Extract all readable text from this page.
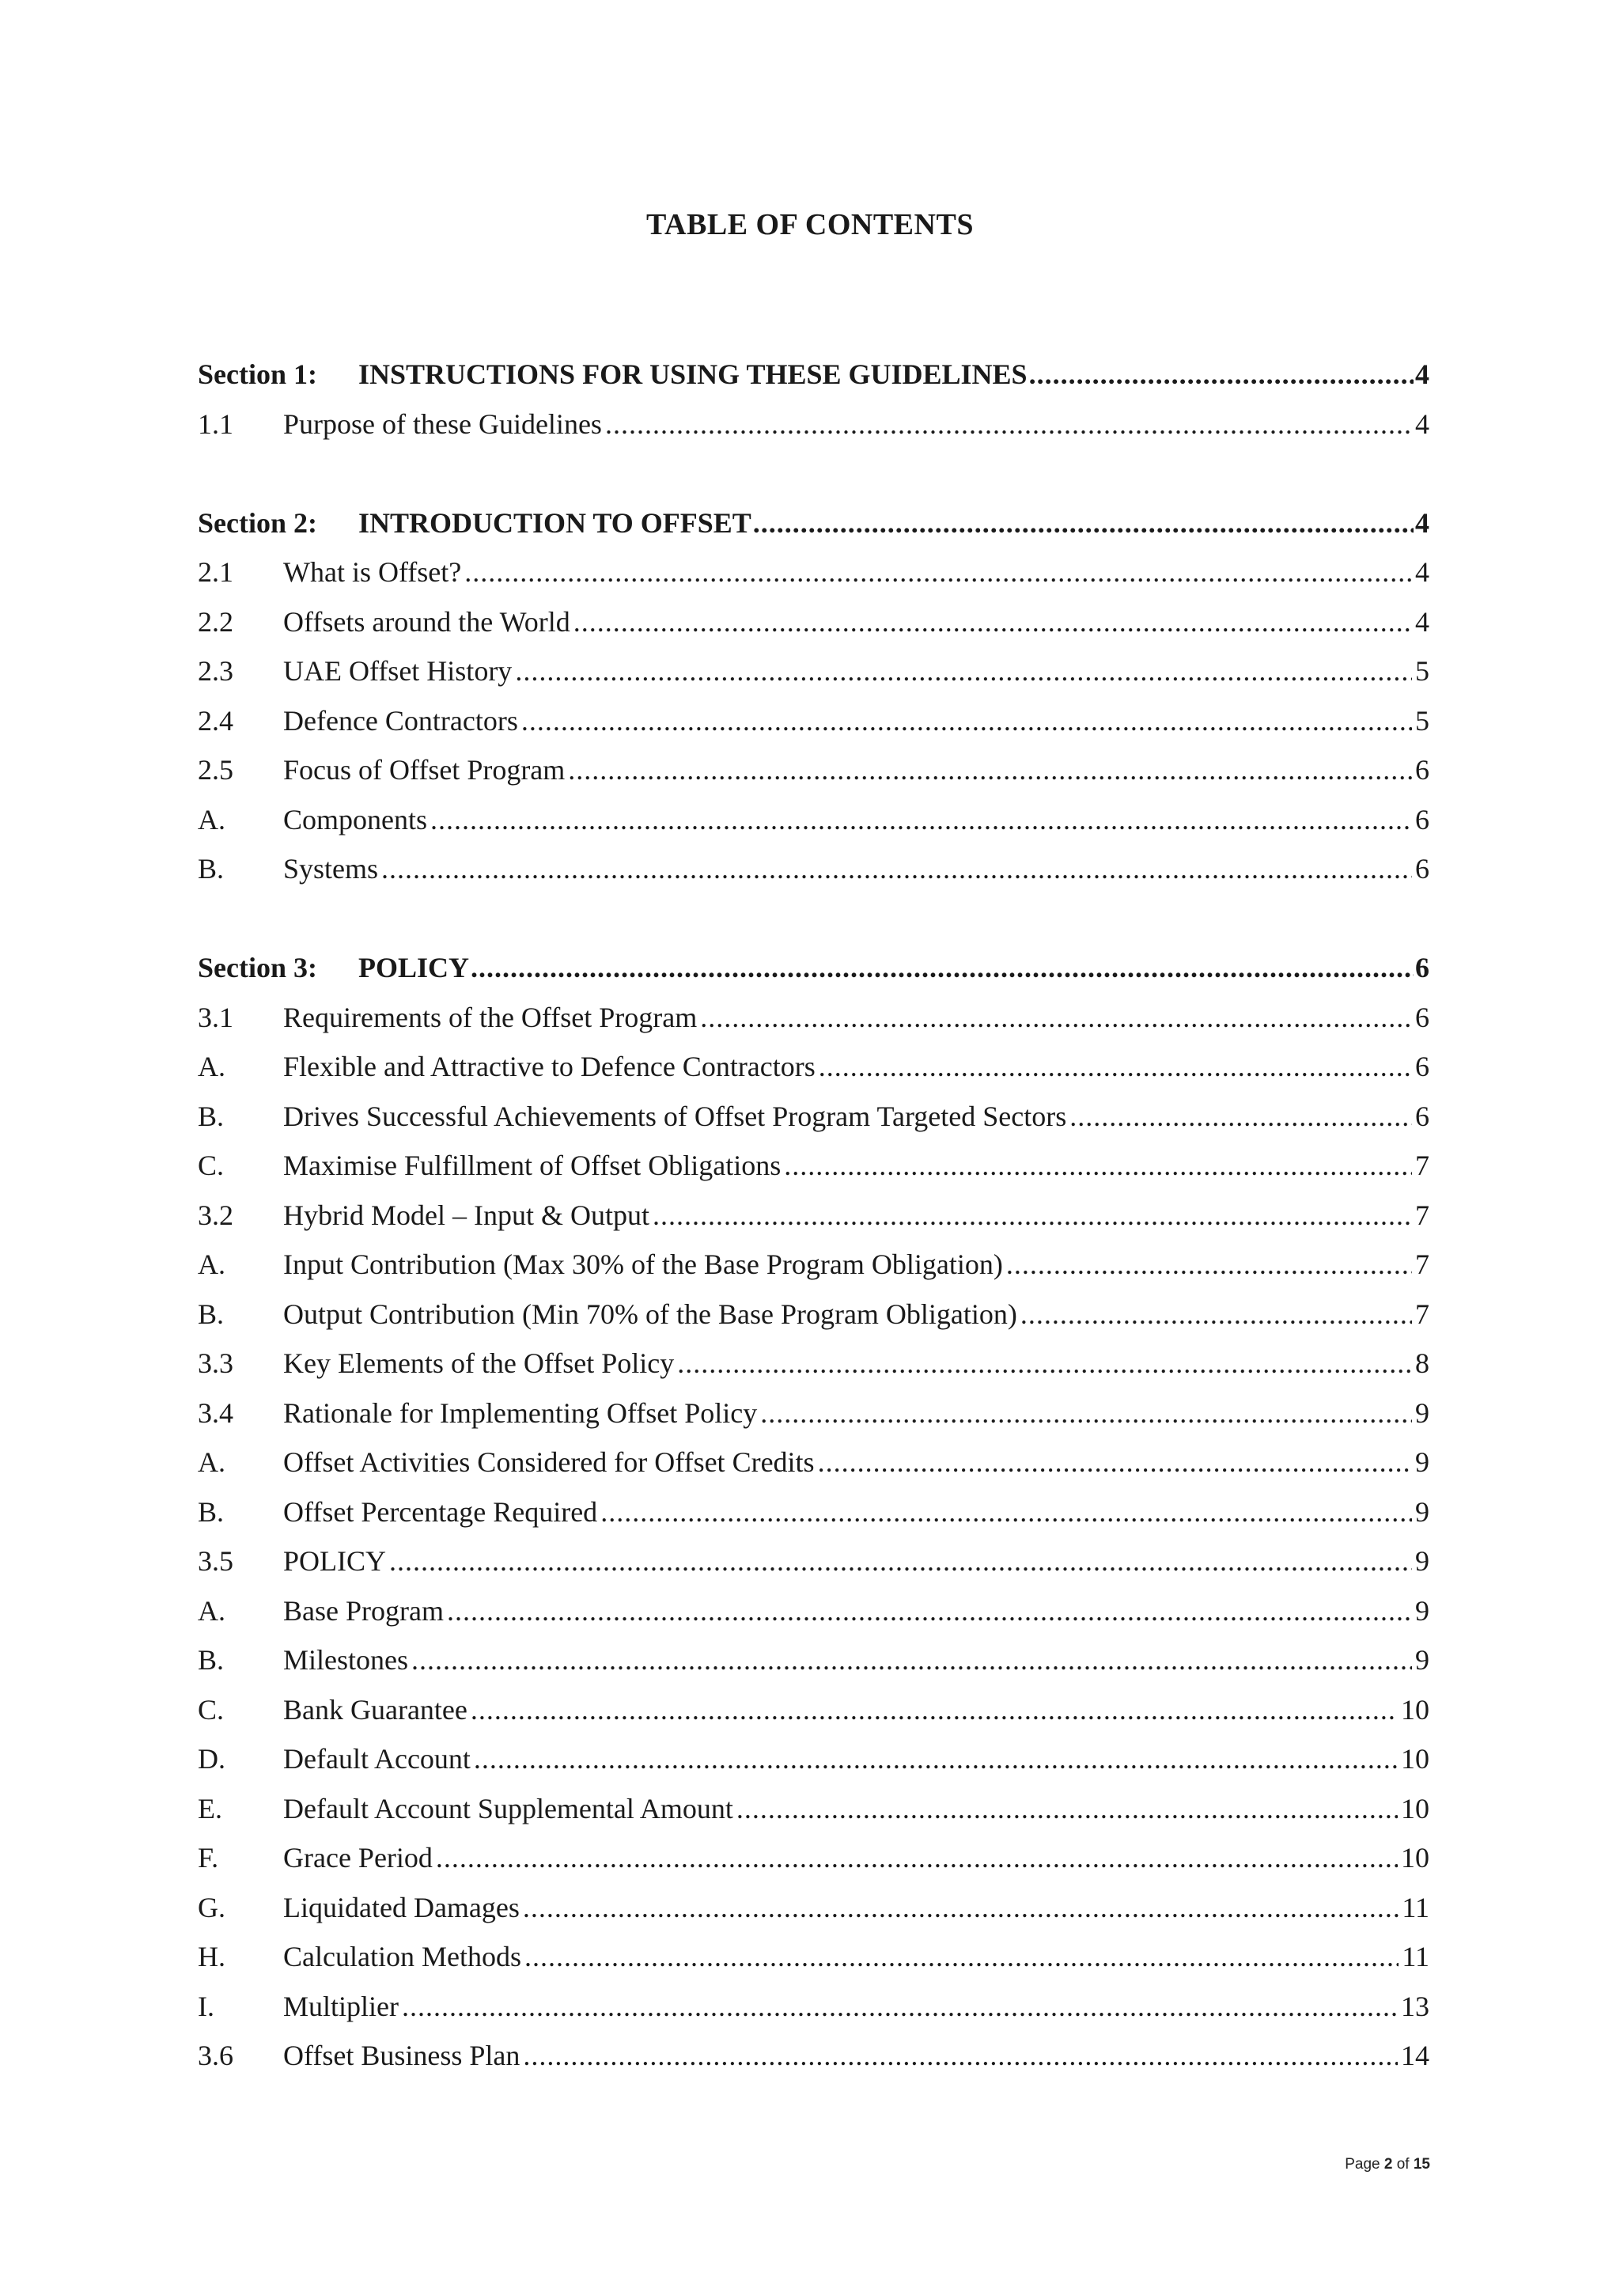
TABLE OF CONTENTS
Section 1:	INSTRUCTIONS FOR USING THESE GUIDELINES .....	4
1.1	Purpose of these Guidelines .....	4
Section 2:	INTRODUCTION TO OFFSET .....	4
2.1	What is Offset? .....	4
2.2	Offsets around the World .....	4
2.3	UAE Offset History .....	5
2.4	Defence Contractors .....	5
2.5	Focus of Offset Program .....	6
A.	Components .....	6
B.	Systems .....	6
Section 3:	POLICY .....	6
3.1	Requirements of the Offset Program .....	6
A.	Flexible and Attractive to Defence Contractors .....	6
B.	Drives Successful Achievements of Offset Program Targeted Sectors .....	6
C.	Maximise Fulfillment of Offset Obligations .....	7
3.2	Hybrid Model – Input & Output .....	7
A.	Input Contribution (Max 30% of the Base Program Obligation) .....	7
B.	Output Contribution (Min 70% of the Base Program Obligation) .....	7
3.3	Key Elements of the Offset Policy .....	8
3.4	Rationale for Implementing Offset Policy .....	9
A.	Offset Activities Considered for Offset Credits .....	9
B.	Offset Percentage Required .....	9
3.5	POLICY .....	9
A.	Base Program .....	9
B.	Milestones .....	9
C.	Bank Guarantee .....	10
D.	Default Account .....	10
E.	Default Account Supplemental Amount .....	10
F.	Grace Period .....	10
G.	Liquidated Damages .....	11
H.	Calculation Methods .....	11
I.	Multiplier .....	13
3.6	Offset Business Plan .....	14
Page 2 of 15
